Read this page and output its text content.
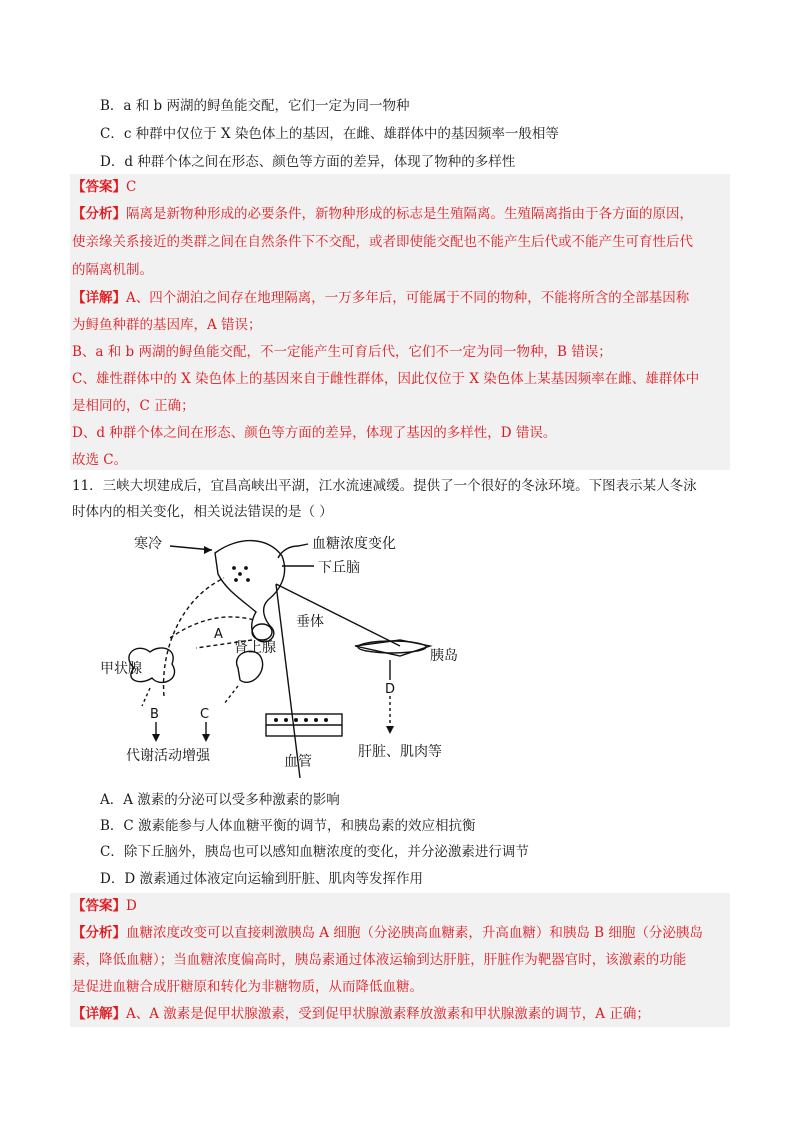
B．a 和 b 两湖的鲟鱼能交配，它们一定为同一物种
C．c 种群中仅位于 X 染色体上的基因，在雌、雄群体中的基因频率一般相等
D．d 种群个体之间在形态、颜色等方面的差异，体现了物种的多样性
【答案】C
【分析】隔离是新物种形成的必要条件，新物种形成的标志是生殖隔离。生殖隔离指由于各方面的原因，
使亲缘关系接近的类群之间在自然条件下不交配，或者即使能交配也不能产生后代或不能产生可育性后代
的隔离机制。
【详解】A、四个湖泊之间存在地理隔离，一万多年后，可能属于不同的物种，不能将所含的全部基因称
为鲟鱼种群的基因库，A 错误；
B、a 和 b 两湖的鲟鱼能交配，不一定能产生可育后代，它们不一定为同一物种，B 错误；
C、雄性群体中的 X 染色体上的基因来自于雌性群体，因此仅位于 X 染色体上某基因频率在雌、雄群体中
是相同的，C 正确；
D、d 种群个体之间在形态、颜色等方面的差异，体现了基因的多样性，D 错误。
故选 C。
11．三峡大坝建成后，宜昌高峡出平湖，江水流速减缓。提供了一个很好的冬泳环境。下图表示某人冬泳
时体内的相关变化，相关说法错误的是（ ）
寒冷	血糖浓度变化
下丘脑
垂体
肾上腺
甲状腺
胰岛
A
B	C
D
代谢活动增强	血管
肝脏、肌肉等
A．A 激素的分泌可以受多种激素的影响
B．C 激素能参与人体血糖平衡的调节，和胰岛素的效应相抗衡
C．除下丘脑外，胰岛也可以感知血糖浓度的变化，并分泌激素进行调节
D．D 激素通过体液定向运输到肝脏、肌肉等发挥作用
【答案】D
【分析】血糖浓度改变可以直接刺激胰岛 A 细胞（分泌胰高血糖素，升高血糖）和胰岛 B 细胞（分泌胰岛
素，降低血糖）；当血糖浓度偏高时，胰岛素通过体液运输到达肝脏，肝脏作为靶器官时，该激素的功能
是促进血糖合成肝糖原和转化为非糖物质，从而降低血糖。
【详解】A、A 激素是促甲状腺激素，受到促甲状腺激素释放激素和甲状腺激素的调节，A 正确；
